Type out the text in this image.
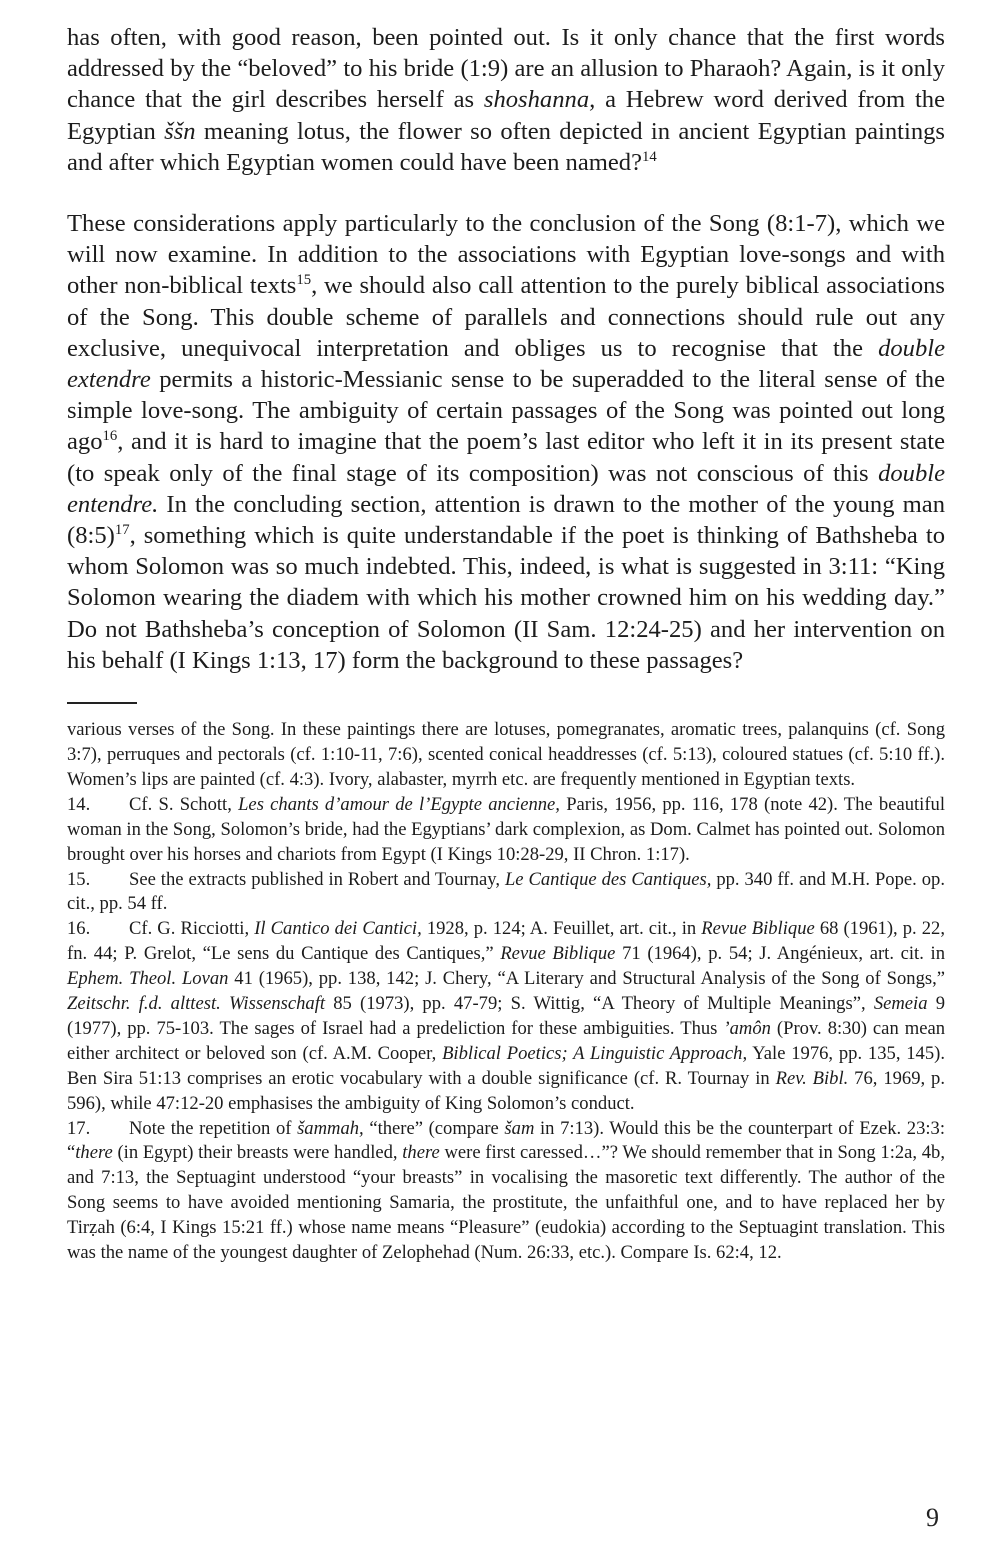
has often, with good reason, been pointed out. Is it only chance that the first words addressed by the “beloved” to his bride (1:9) are an allusion to Pharaoh? Again, is it only chance that the girl describes herself as shoshanna, a Hebrew word derived from the Egyptian ššn meaning lotus, the flower so often depicted in ancient Egyptian paintings and after which Egyptian women could have been named?$^{14}$

These considerations apply particularly to the conclusion of the Song (8:1-7), which we will now examine. In addition to the associations with Egyptian love-songs and with other non-biblical texts$^{15}$, we should also call attention to the purely biblical associations of the Song. This double scheme of parallels and connections should rule out any exclusive, unequivocal interpretation and obliges us to recognise that the double extendre permits a historic-Messianic sense to be superadded to the literal sense of the simple love-song. The ambiguity of certain passages of the Song was pointed out long ago$^{16}$, and it is hard to imagine that the poem’s last editor who left it in its present state (to speak only of the final stage of its composition) was not conscious of this double entendre. In the concluding section, attention is drawn to the mother of the young man (8:5)$^{17}$, something which is quite understandable if the poet is thinking of Bathsheba to whom Solomon was so much indebted. This, indeed, is what is suggested in 3:11: “King Solomon wearing the diadem with which his mother crowned him on his wedding day.” Do not Bathsheba’s conception of Solomon (II Sam. 12:24-25) and her intervention on his behalf (I Kings 1:13, 17) form the background to these passages?

various verses of the Song. In these paintings there are lotuses, pomegranates, aromatic trees, palanquins (cf. Song 3:7), perruques and pectorals (cf. 1:10-11, 7:6), scented conical headdresses (cf. 5:13), coloured statues (cf. 5:10 ff.). Women’s lips are painted (cf. 4:3). Ivory, alabaster, myrrh etc. are frequently mentioned in Egyptian texts.

14. Cf. S. Schott, Les chants d’amour de l’Egypte ancienne, Paris, 1956, pp. 116, 178 (note 42). The beautiful woman in the Song, Solomon’s bride, had the Egyptians’ dark complexion, as Dom. Calmet has pointed out. Solomon brought over his horses and chariots from Egypt (I Kings 10:28-29, II Chron. 1:17).

15. See the extracts published in Robert and Tournay, Le Cantique des Cantiques, pp. 340 ff. and M.H. Pope. op. cit., pp. 54 ff.

16. Cf. G. Ricciotti, Il Cantico dei Cantici, 1928, p. 124; A. Feuillet, art. cit., in Revue Biblique 68 (1961), p. 22, fn. 44; P. Grelot, “Le sens du Cantique des Cantiques,” Revue Biblique 71 (1964), p. 54; J. Angénieux, art. cit. in Ephem. Theol. Lovan 41 (1965), pp. 138, 142; J. Chery, “A Literary and Structural Analysis of the Song of Songs,” Zeitschr. f.d. alttest. Wissenschaft 85 (1973), pp. 47-79; S. Wittig, “A Theory of Multiple Meanings”, Semeia 9 (1977), pp. 75-103. The sages of Israel had a predeliction for these ambiguities. Thus ’amôn (Prov. 8:30) can mean either architect or beloved son (cf. A.M. Cooper, Biblical Poetics; A Linguistic Approach, Yale 1976, pp. 135, 145). Ben Sira 51:13 comprises an erotic vocabulary with a double significance (cf. R. Tournay in Rev. Bibl. 76, 1969, p. 596), while 47:12-20 emphasises the ambiguity of King Solomon’s conduct.

17. Note the repetition of šammah, “there” (compare šam in 7:13). Would this be the counterpart of Ezek. 23:3: “there (in Egypt) their breasts were handled, there were first caressed…”? We should remember that in Song 1:2a, 4b, and 7:13, the Septuagint understood “your breasts” in vocalising the masoretic text differently. The author of the Song seems to have avoided mentioning Samaria, the prostitute, the unfaithful one, and to have replaced her by Tirẓah (6:4, I Kings 15:21 ff.) whose name means “Pleasure” (eudokia) according to the Septuagint translation. This was the name of the youngest daughter of Zelophehad (Num. 26:33, etc.). Compare Is. 62:4, 12.

9
